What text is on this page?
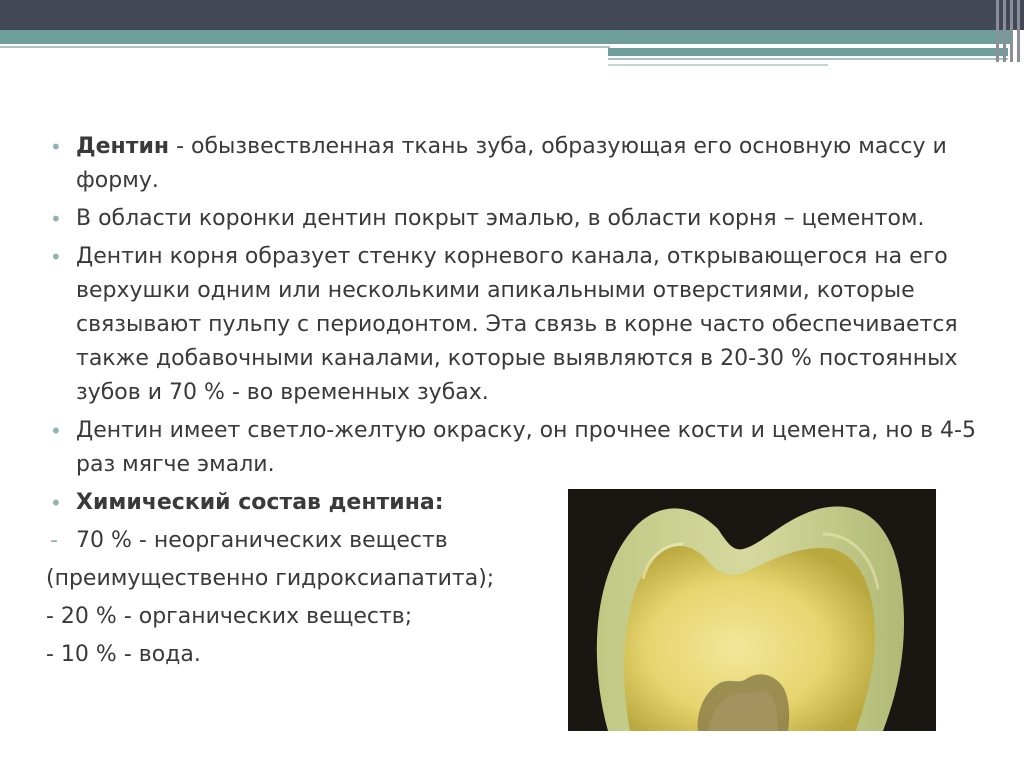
• Дентин - обызвествленная ткань зуба, образующая его основную массу и форму.

• В области коронки дентин покрыт эмалью, в области корня – цементом.

• Дентин корня образует стенку корневого канала, открывающегося на его верхушки одним или несколькими апикальными отверстиями, которые связывают пульпу с периодонтом. Эта связь в корне часто обеспечивается также добавочными каналами, которые выявляются в 20-30 % постоянных зубов и 70 % - во временных зубах.

• Дентин имеет светло-желтую окраску, он прочнее кости и цемента, но в 4-5 раз мягче эмали.

• Химический состав дентина:

- 70 % - неорганических веществ

(преимущественно гидроксиапатита);

- 20 % - органических веществ;

- 10 % - вода.
